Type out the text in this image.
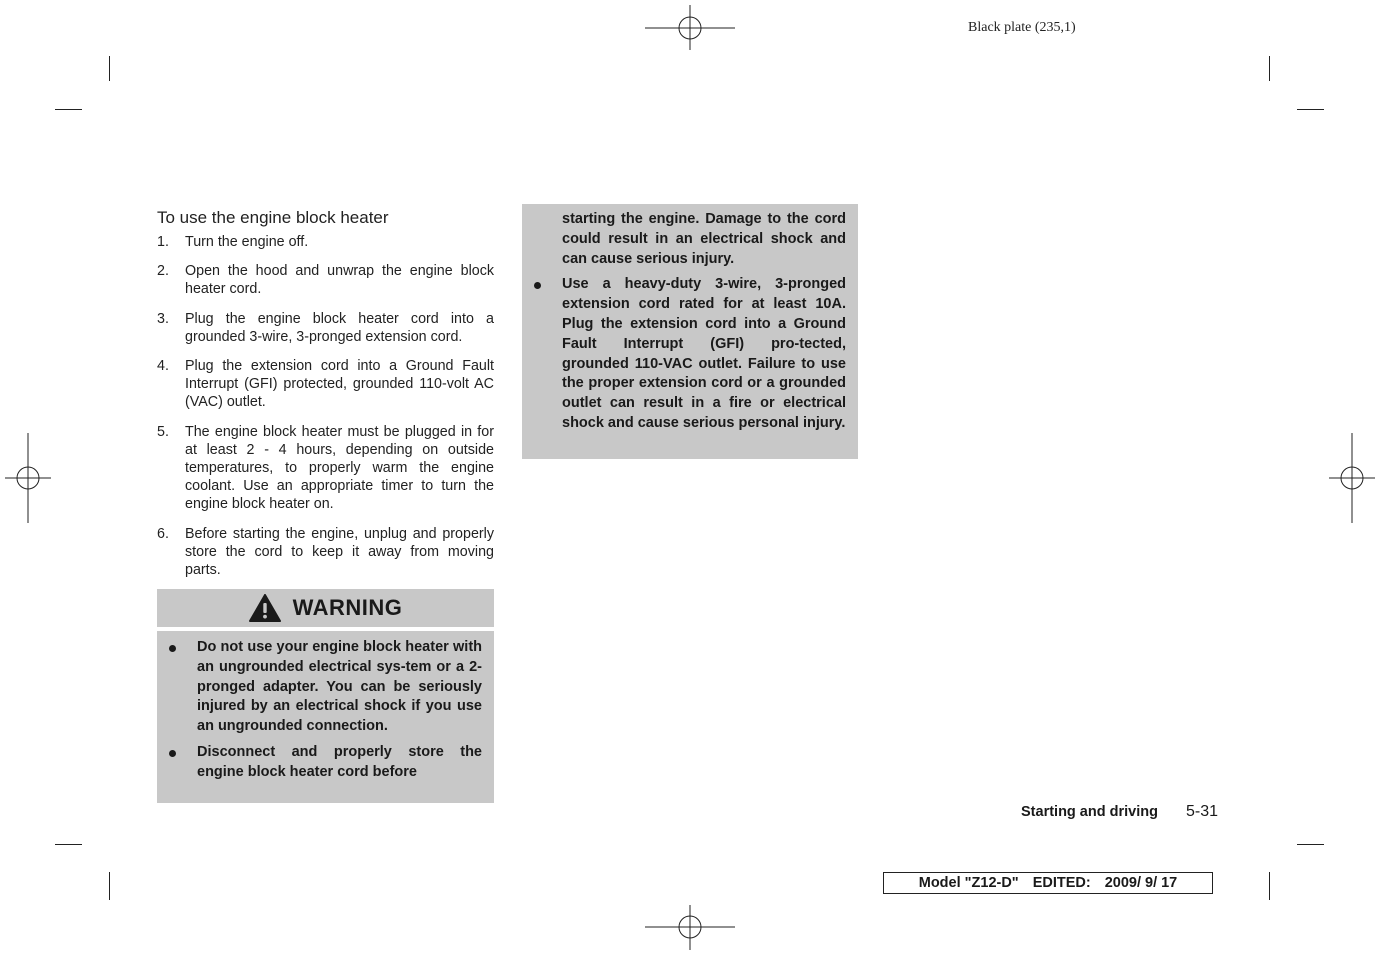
Black plate (235,1)
To use the engine block heater
1. Turn the engine off.
2. Open the hood and unwrap the engine block heater cord.
3. Plug the engine block heater cord into a grounded 3-wire, 3-pronged extension cord.
4. Plug the extension cord into a Ground Fault Interrupt (GFI) protected, grounded 110-volt AC (VAC) outlet.
5. The engine block heater must be plugged in for at least 2 - 4 hours, depending on outside temperatures, to properly warm the engine coolant. Use an appropriate timer to turn the engine block heater on.
6. Before starting the engine, unplug and properly store the cord to keep it away from moving parts.
WARNING
Do not use your engine block heater with an ungrounded electrical sys-tem or a 2-pronged adapter. You can be seriously injured by an electrical shock if you use an ungrounded connection.
Disconnect and properly store the engine block heater cord before
starting the engine. Damage to the cord could result in an electrical shock and can cause serious injury.
Use a heavy-duty 3-wire, 3-pronged extension cord rated for at least 10A. Plug the extension cord into a Ground Fault Interrupt (GFI) pro-tected, grounded 110-VAC outlet. Failure to use the proper extension cord or a grounded outlet can result in a fire or electrical shock and cause serious personal injury.
Starting and driving 5-31
Model "Z12-D" EDITED: 2009/ 9/ 17
